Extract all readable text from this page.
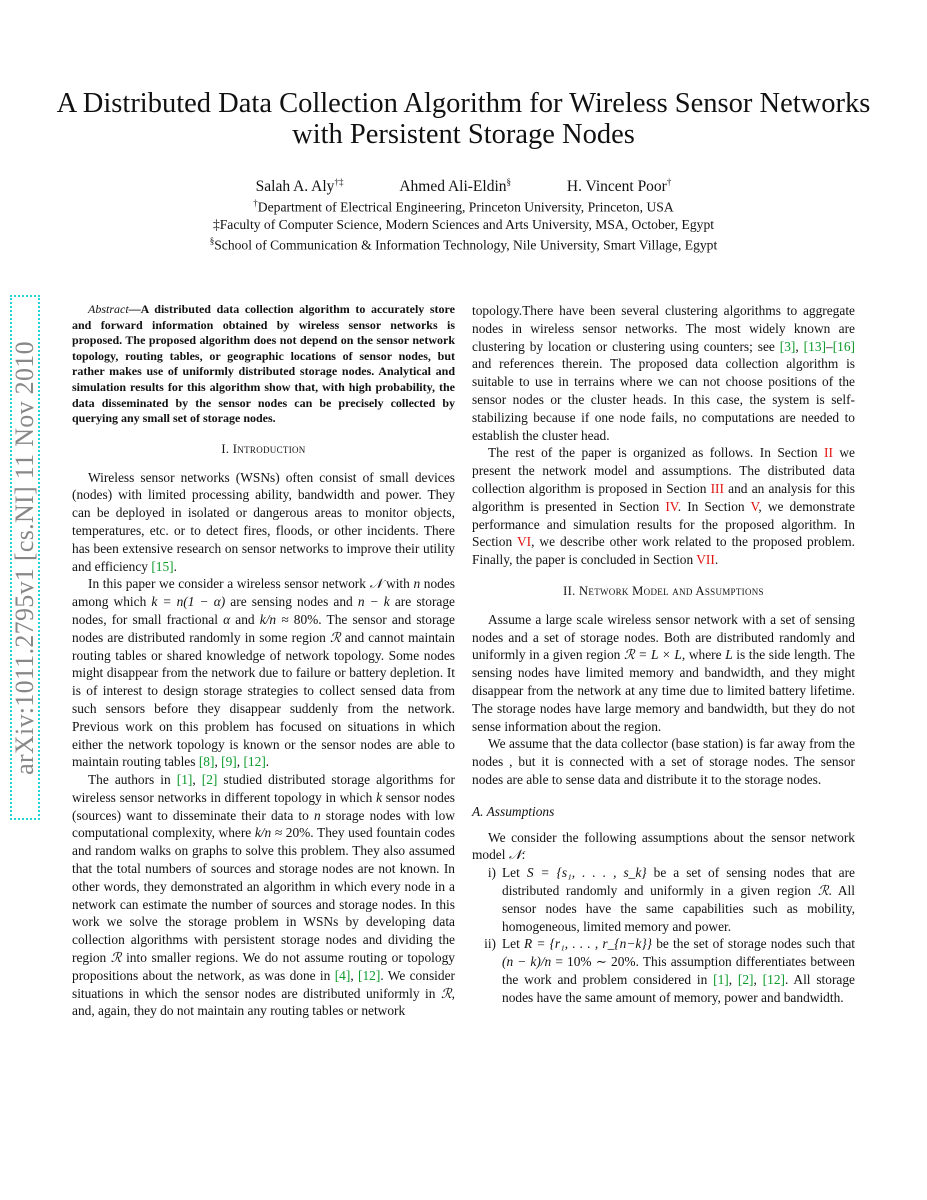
A Distributed Data Collection Algorithm for Wireless Sensor Networks with Persistent Storage Nodes
Salah A. Aly†‡	Ahmed Ali-Eldin§	H. Vincent Poor†
†Department of Electrical Engineering, Princeton University, Princeton, USA
‡Faculty of Computer Science, Modern Sciences and Arts University, MSA, October, Egypt
§School of Communication & Information Technology, Nile University, Smart Village, Egypt
arXiv:1011.2795v1 [cs.NI] 11 Nov 2010

Abstract—A distributed data collection algorithm to accurately store and forward information obtained by wireless sensor networks is proposed. The proposed algorithm does not depend on the sensor network topology, routing tables, or geographic locations of sensor nodes, but rather makes use of uniformly distributed storage nodes. Analytical and simulation results for this algorithm show that, with high probability, the data disseminated by the sensor nodes can be precisely collected by querying any small set of storage nodes.

I. Introduction

Wireless sensor networks (WSNs) often consist of small devices (nodes) with limited processing ability, bandwidth and power. They can be deployed in isolated or dangerous areas to monitor objects, temperatures, etc. or to detect fires, floods, or other incidents. There has been extensive research on sensor networks to improve their utility and efficiency [15].

In this paper we consider a wireless sensor network 𝒩 with n nodes among which k = n(1 − α) are sensing nodes and n − k are storage nodes, for small fractional α and k/n ≈ 80%. The sensor and storage nodes are distributed randomly in some region ℛ and cannot maintain routing tables or shared knowledge of network topology. Some nodes might disappear from the network due to failure or battery depletion. It is of interest to design storage strategies to collect sensed data from such sensors before they disappear suddenly from the network. Previous work on this problem has focused on situations in which either the network topology is known or the sensor nodes are able to maintain routing tables [8], [9], [12].

The authors in [1], [2] studied distributed storage algorithms for wireless sensor networks in different topology in which k sensor nodes (sources) want to disseminate their data to n storage nodes with low computational complexity, where k/n ≈ 20%. They used fountain codes and random walks on graphs to solve this problem. They also assumed that the total numbers of sources and storage nodes are not known. In other words, they demonstrated an algorithm in which every node in a network can estimate the number of sources and storage nodes. In this work we solve the storage problem in WSNs by developing data collection algorithms with persistent storage nodes and dividing the region ℛ into smaller regions. We do not assume routing or topology propositions about the network, as was done in [4], [12]. We consider situations in which the sensor nodes are distributed uniformly in ℛ, and, again, they do not maintain any routing tables or network

topology.There have been several clustering algorithms to aggregate nodes in wireless sensor networks. The most widely known are clustering by location or clustering using counters; see [3], [13]–[16] and references therein. The proposed data collection algorithm is suitable to use in terrains where we can not choose positions of the sensor nodes or the cluster heads. In this case, the system is self-stabilizing because if one node fails, no computations are needed to establish the cluster head.

The rest of the paper is organized as follows. In Section II we present the network model and assumptions. The distributed data collection algorithm is proposed in Section III and an analysis for this algorithm is presented in Section IV. In Section V, we demonstrate performance and simulation results for the proposed algorithm. In Section VI, we describe other work related to the proposed problem. Finally, the paper is concluded in Section VII.

II. Network Model and Assumptions

Assume a large scale wireless sensor network with a set of sensing nodes and a set of storage nodes. Both are distributed randomly and uniformly in a given region ℛ = L × L, where L is the side length. The sensing nodes have limited memory and bandwidth, and they might disappear from the network at any time due to limited battery lifetime. The storage nodes have large memory and bandwidth, but they do not sense information about the region.

We assume that the data collector (base station) is far away from the nodes , but it is connected with a set of storage nodes. The sensor nodes are able to sense data and distribute it to the storage nodes.

A. Assumptions

We consider the following assumptions about the sensor network model 𝒩:

i) Let S = {s₁, . . . , s_k} be a set of sensing nodes that are distributed randomly and uniformly in a given region ℛ. All sensor nodes have the same capabilities such as mobility, homogeneous, limited memory and power.
ii) Let R = {r₁, . . . , r_{n−k}} be the set of storage nodes such that (n − k)/n = 10% ∼ 20%. This assumption differentiates between the work and problem considered in [1], [2], [12]. All storage nodes have the same amount of memory, power and bandwidth.
